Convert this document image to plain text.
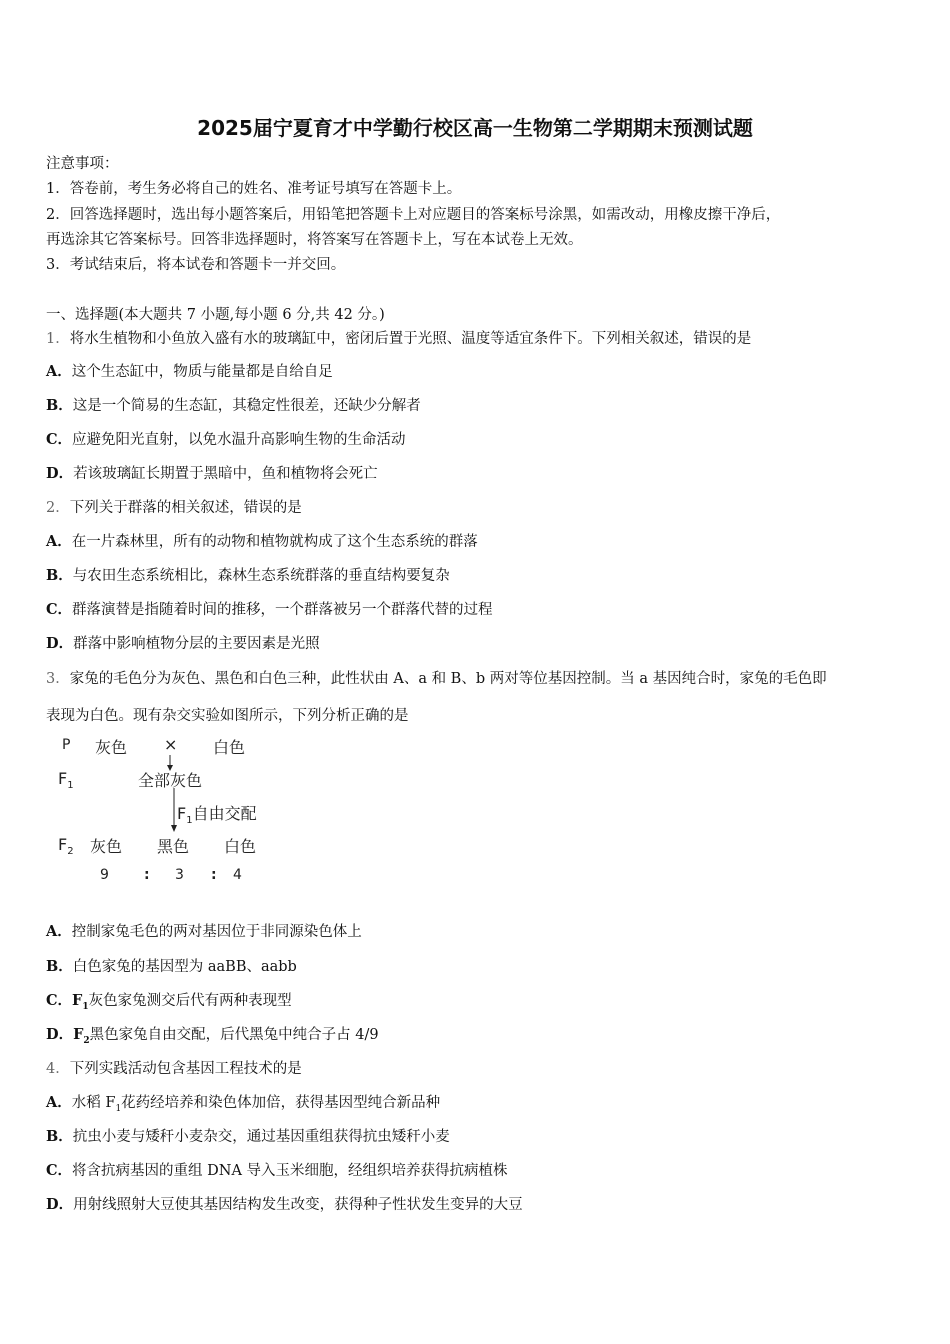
2025届宁夏育才中学勤行校区高一生物第二学期期末预测试题
注意事项：
1．答卷前，考生务必将自己的姓名、准考证号填写在答题卡上。
2．回答选择题时，选出每小题答案后，用铅笔把答题卡上对应题目的答案标号涂黑，如需改动，用橡皮擦干净后，
再选涂其它答案标号。回答非选择题时，将答案写在答题卡上，写在本试卷上无效。
3．考试结束后，将本试卷和答题卡一并交回。
一、选择题(本大题共 7 小题,每小题 6 分,共 42 分。)
1．将水生植物和小鱼放入盛有水的玻璃缸中，密闭后置于光照、温度等适宜条件下。下列相关叙述，错误的是
A．这个生态缸中，物质与能量都是自给自足
B．这是一个简易的生态缸，其稳定性很差，还缺少分解者
C．应避免阳光直射，以免水温升高影响生物的生命活动
D．若该玻璃缸长期置于黑暗中，鱼和植物将会死亡
2．下列关于群落的相关叙述，错误的是
A．在一片森林里，所有的动物和植物就构成了这个生态系统的群落
B．与农田生态系统相比，森林生态系统群落的垂直结构要复杂
C．群落演替是指随着时间的推移，一个群落被另一个群落代替的过程
D．群落中影响植物分层的主要因素是光照
3．家兔的毛色分为灰色、黑色和白色三种，此性状由 A、a 和 B、b 两对等位基因控制。当 a 基因纯合时，家兔的毛色即
表现为白色。现有杂交实验如图所示，下列分析正确的是
P 灰色 × 白色
$F_1$	全部灰色
$F_1$自由交配
$F_2$ 灰色 黑色 白色
9	: 3 : 4
A．控制家兔毛色的两对基因位于非同源染色体上
B．白色家兔的基因型为 aaBB、aabb
C．$F_1$灰色家兔测交后代有两种表现型
D．$F_2$黑色家兔自由交配，后代黑兔中纯合子占 4/9
4．下列实践活动包含基因工程技术的是
A．水稻 $F_1$花药经培养和染色体加倍，获得基因型纯合新品种
B．抗虫小麦与矮秆小麦杂交，通过基因重组获得抗虫矮秆小麦
C．将含抗病基因的重组 DNA 导入玉米细胞，经组织培养获得抗病植株
D．用射线照射大豆使其基因结构发生改变，获得种子性状发生变异的大豆
